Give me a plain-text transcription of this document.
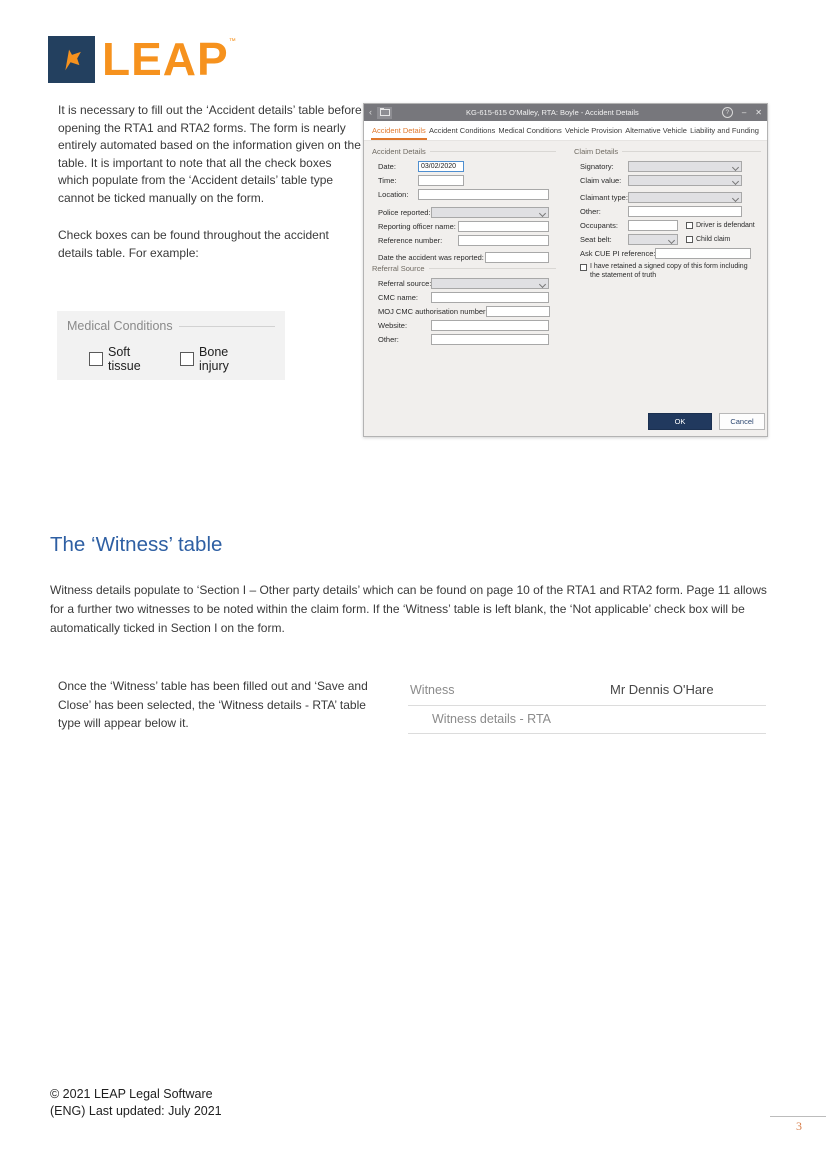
LEAP ™

It is necessary to fill out the ‘Accident details’ table before opening the RTA1 and RTA2 forms. The form is nearly entirely automated based on the information given on the table. It is important to note that all the check boxes which populate from the ‘Accident details’ table type cannot be ticked manually on the form.

Check boxes can be found throughout the accident details table. For example:

Medical Conditions
Soft tissue
Bone injury
‹	KG-615-615 O'Malley, RTA: Boyle - Accident Details	?	– ✕
Accident Details Accident Conditions Medical Conditions Vehicle Provision Alternative Vehicle Liability and Funding
Accident Details
Date:
03/02/2020
Time:
Location:
Police reported:
Reporting officer name:
Reference number:
Date the accident was reported:
Referral Source
Referral source:
CMC name:
MOJ CMC authorisation number
Website:
Other:
Claim Details
Signatory:
Claim value:
Claimant type:
Other:
Occupants:	Driver is defendant
Seat belt:	Child claim
Ask CUE PI reference:
I have retained a signed copy of this form including the statement of truth
OK	Cancel
The ‘Witness’ table

Witness details populate to ‘Section I – Other party details’ which can be found on page 10 of the RTA1 and RTA2 form. Page 11 allows for a further two witnesses to be noted within the claim form. If the ‘Witness’ table is left blank, the ‘Not applicable’ check box will be automatically ticked in Section I on the form.

Once the ‘Witness’ table has been filled out and ‘Save and Close’ has been selected, the ‘Witness details - RTA’ table type will appear below it.
Witness	Mr Dennis O'Hare
Witness details - RTA
© 2021 LEAP Legal Software
(ENG) Last updated: July 2021
3
